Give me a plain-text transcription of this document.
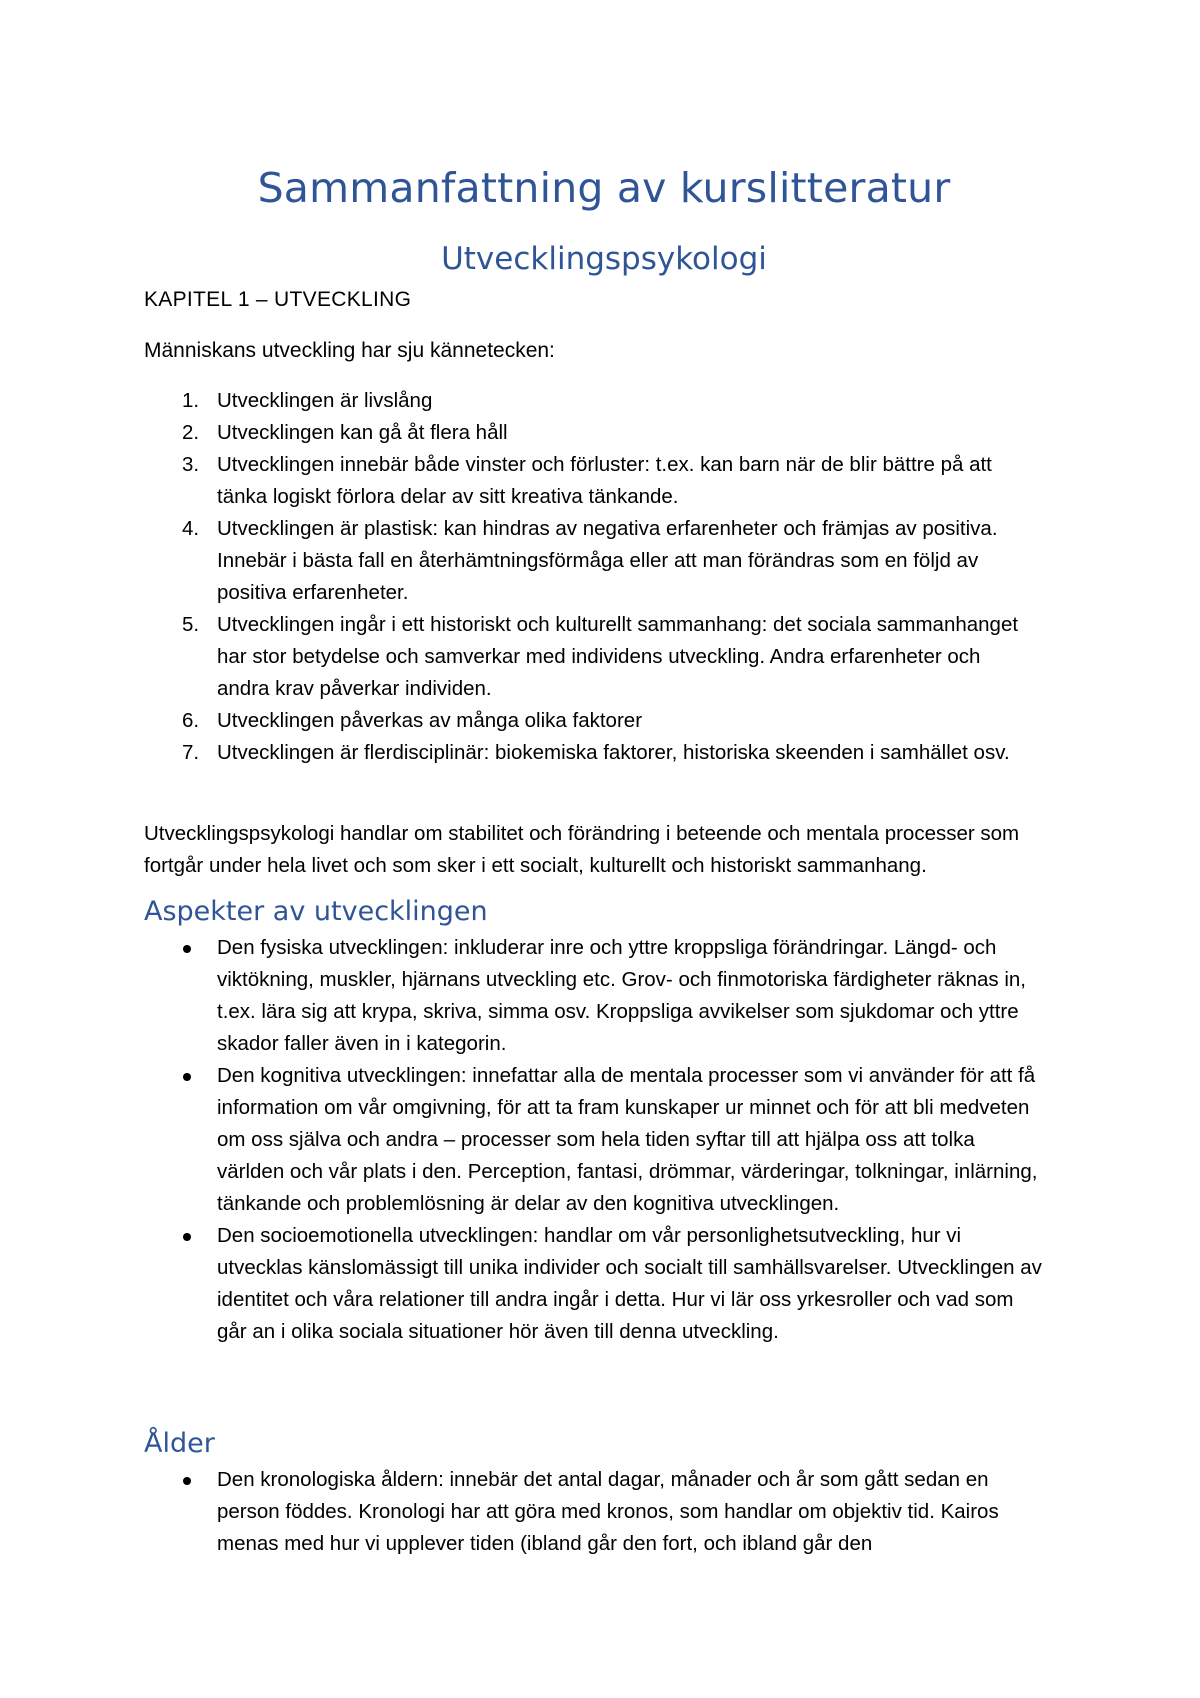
Sammanfattning av kurslitteratur
Utvecklingspsykologi
KAPITEL 1 – UTVECKLING
Människans utveckling har sju kännetecken:
1. Utvecklingen är livslång
2. Utvecklingen kan gå åt flera håll
3. Utvecklingen innebär både vinster och förluster: t.ex. kan barn när de blir bättre på att tänka logiskt förlora delar av sitt kreativa tänkande.
4. Utvecklingen är plastisk: kan hindras av negativa erfarenheter och främjas av positiva. Innebär i bästa fall en återhämtningsförmåga eller att man förändras som en följd av positiva erfarenheter.
5. Utvecklingen ingår i ett historiskt och kulturellt sammanhang: det sociala sammanhanget har stor betydelse och samverkar med individens utveckling. Andra erfarenheter och andra krav påverkar individen.
6. Utvecklingen påverkas av många olika faktorer
7. Utvecklingen är flerdisciplinär: biokemiska faktorer, historiska skeenden i samhället osv.
Utvecklingspsykologi handlar om stabilitet och förändring i beteende och mentala processer som fortgår under hela livet och som sker i ett socialt, kulturellt och historiskt sammanhang.
Aspekter av utvecklingen
Den fysiska utvecklingen: inkluderar inre och yttre kroppsliga förändringar. Längd- och viktökning, muskler, hjärnans utveckling etc. Grov- och finmotoriska färdigheter räknas in, t.ex. lära sig att krypa, skriva, simma osv. Kroppsliga avvikelser som sjukdomar och yttre skador faller även in i kategorin.
Den kognitiva utvecklingen: innefattar alla de mentala processer som vi använder för att få information om vår omgivning, för att ta fram kunskaper ur minnet och för att bli medveten om oss själva och andra – processer som hela tiden syftar till att hjälpa oss att tolka världen och vår plats i den. Perception, fantasi, drömmar, värderingar, tolkningar, inlärning, tänkande och problemlösning är delar av den kognitiva utvecklingen.
Den socioemotionella utvecklingen: handlar om vår personlighetsutveckling, hur vi utvecklas känslomässigt till unika individer och socialt till samhällsvarelser. Utvecklingen av identitet och våra relationer till andra ingår i detta. Hur vi lär oss yrkesroller och vad som går an i olika sociala situationer hör även till denna utveckling.
Ålder
Den kronologiska åldern: innebär det antal dagar, månader och år som gått sedan en person föddes. Kronologi har att göra med kronos, som handlar om objektiv tid. Kairos menas med hur vi upplever tiden (ibland går den fort, och ibland går den
